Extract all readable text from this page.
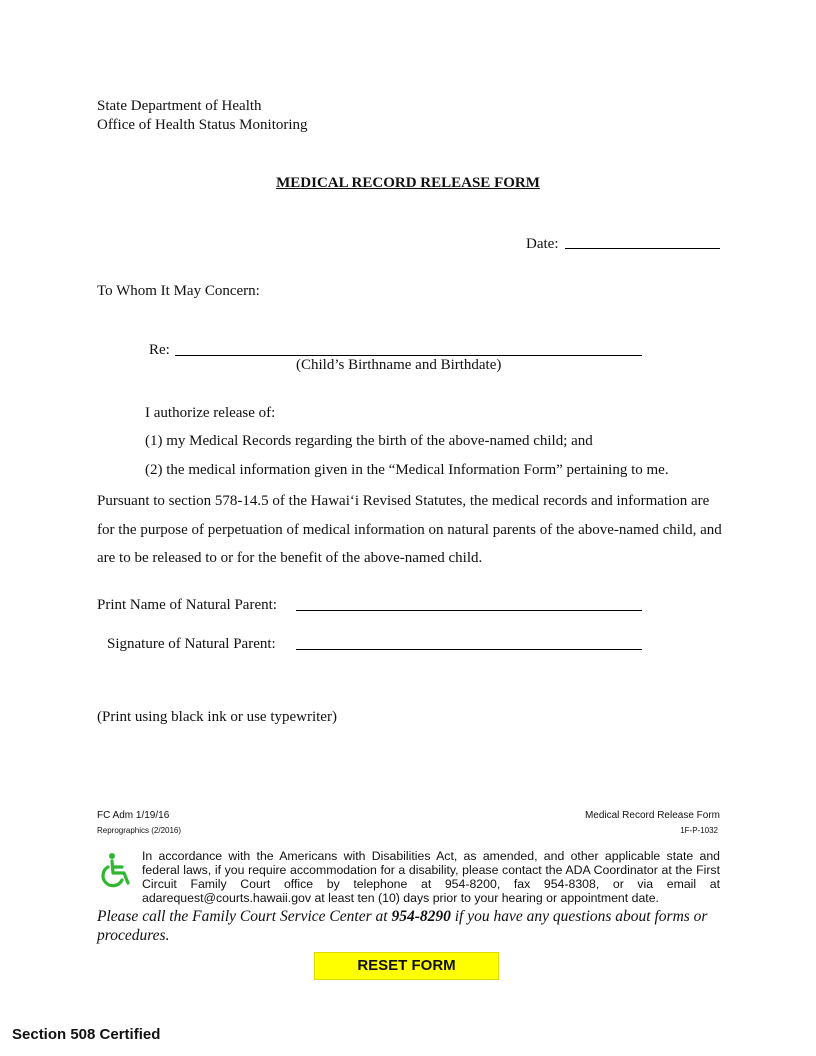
State Department of Health
Office of Health Status Monitoring
MEDICAL RECORD RELEASE FORM
Date:
To Whom It May Concern:
Re:
(Child’s Birthname and Birthdate)
I authorize release of:
(1) my Medical Records regarding the birth of the above-named child; and
(2) the medical information given in the “Medical Information Form” pertaining to me.
Pursuant to section 578-14.5 of the Hawai‘i Revised Statutes, the medical records and information are for the purpose of perpetuation of medical information on natural parents of the above-named child, and are to be released to or for the benefit of the above-named child.
Print Name of Natural Parent:
Signature of Natural Parent:
(Print using black ink or use typewriter)
FC Adm 1/19/16
Reprographics (2/2016)
Medical Record Release Form
1F-P-1032
In accordance with the Americans with Disabilities Act, as amended, and other applicable state and federal laws, if you require accommodation for a disability, please contact the ADA Coordinator at the First Circuit Family Court office by telephone at 954-8200, fax 954-8308, or via email at adarequest@courts.hawaii.gov at least ten (10) days prior to your hearing or appointment date.
Please call the Family Court Service Center at 954-8290 if you have any questions about forms or procedures.
RESET FORM
Section 508 Certified
